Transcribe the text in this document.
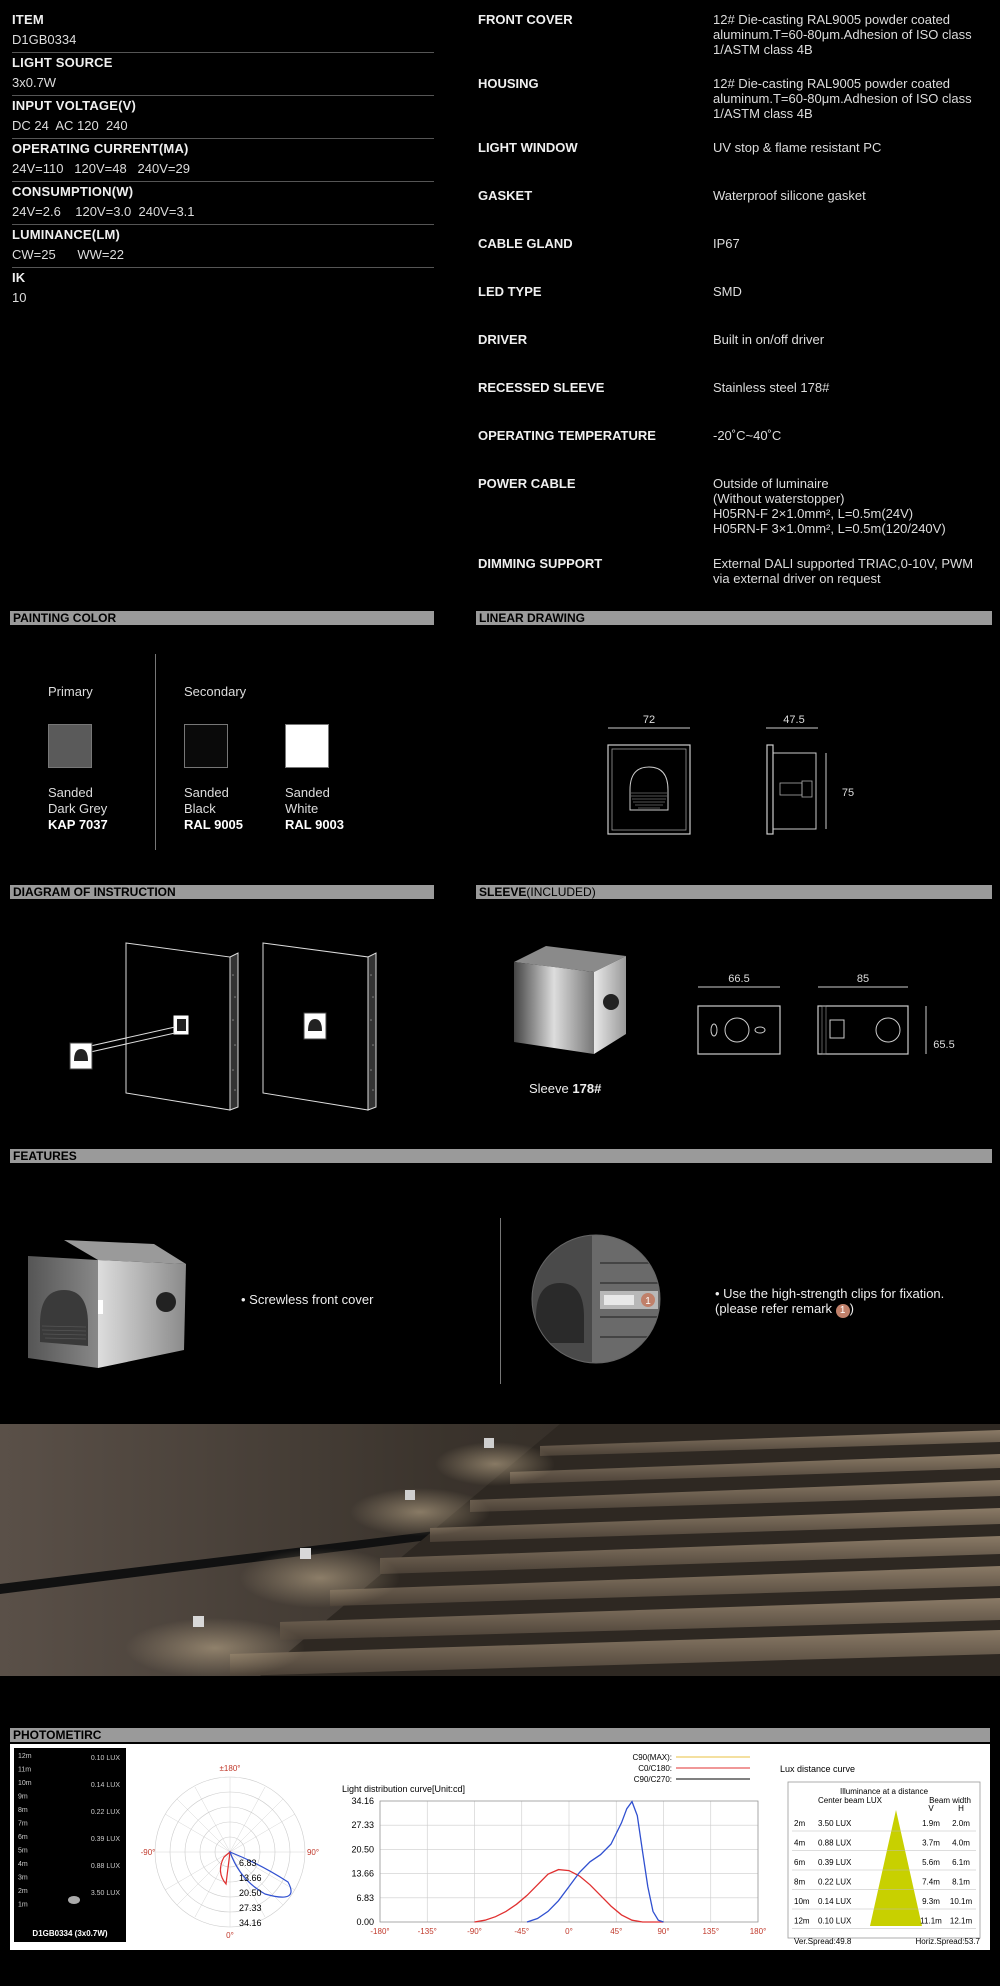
ITEM
D1GB0334
LIGHT SOURCE
3x0.7W
INPUT VOLTAGE(V)
DC 24  AC 120  240
OPERATING CURRENT(MA)
24V=110   120V=48   240V=29
CONSUMPTION(W)
24V=2.6    120V=3.0  240V=3.1
LUMINANCE(LM)
CW=25      WW=22
IK
10
FRONT COVER	12# Die-casting RAL9005 powder coated aluminum.T=60-80μm.Adhesion of ISO class 1/ASTM class 4B
HOUSING	12# Die-casting RAL9005 powder coated aluminum.T=60-80μm.Adhesion of ISO class 1/ASTM class 4B
LIGHT WINDOW	UV stop & flame resistant PC
GASKET	Waterproof silicone gasket
CABLE GLAND	IP67
LED TYPE	SMD
DRIVER	Built in on/off driver
RECESSED SLEEVE	Stainless steel 178#
OPERATING TEMPERATURE	-20˚C~40˚C
POWER CABLE	Outside of luminaire
(Without waterstopper)
H05RN-F 2×1.0mm², L=0.5m(24V)
H05RN-F 3×1.0mm², L=0.5m(120/240V)
DIMMING SUPPORT	External DALI supported TRIAC,0-10V, PWM via external driver on request
PAINTING COLOR	LINEAR DRAWING
DIAGRAM OF INSTRUCTION	SLEEVE(INCLUDED)
FEATURES
PHOTOMETIRC
Primary	Secondary
Sanded
Dark Grey
KAP 7037
Sanded
Black
RAL 9005
Sanded
White
RAL 9003
72	47.5
75
Sleeve 178#
66.5	85
65.5
• Screwless front cover	1
• Use the high-strength clips for fixation.
(please refer remark 1 )
12m
11m
10m
9m
8m
7m
6m
5m
4m
3m
2m
1m
0.10 LUX
0.14 LUX
0.22 LUX
0.39 LUX
0.88 LUX
3.50 LUX
D1GB0334 (3x0.7W)
±180°
-90°	90°
0°
6.83
13.66
20.50
27.33
34.16
Light distribution curve[Unit:cd]
C90(MAX):
C0/C180:
C90/C270:
-180°	-135°	-90°	-45°	0°	45°	90°	135°	180°
34.16
27.33
20.50
13.66
6.83
0.00
Lux distance curve
Illuminance at a distance
Center beam LUX	Beam width
V	H
2m 3.50 LUX	1.9m 2.0m
4m 0.88 LUX	3.7m 4.0m
6m 0.39 LUX	5.6m 6.1m
8m 0.22 LUX	7.4m 8.1m
10m 0.14 LUX	9.3m 10.1m
12m 0.10 LUX	11.1m 12.1m
Ver.Spread:49.8	Horiz.Spread:53.7
